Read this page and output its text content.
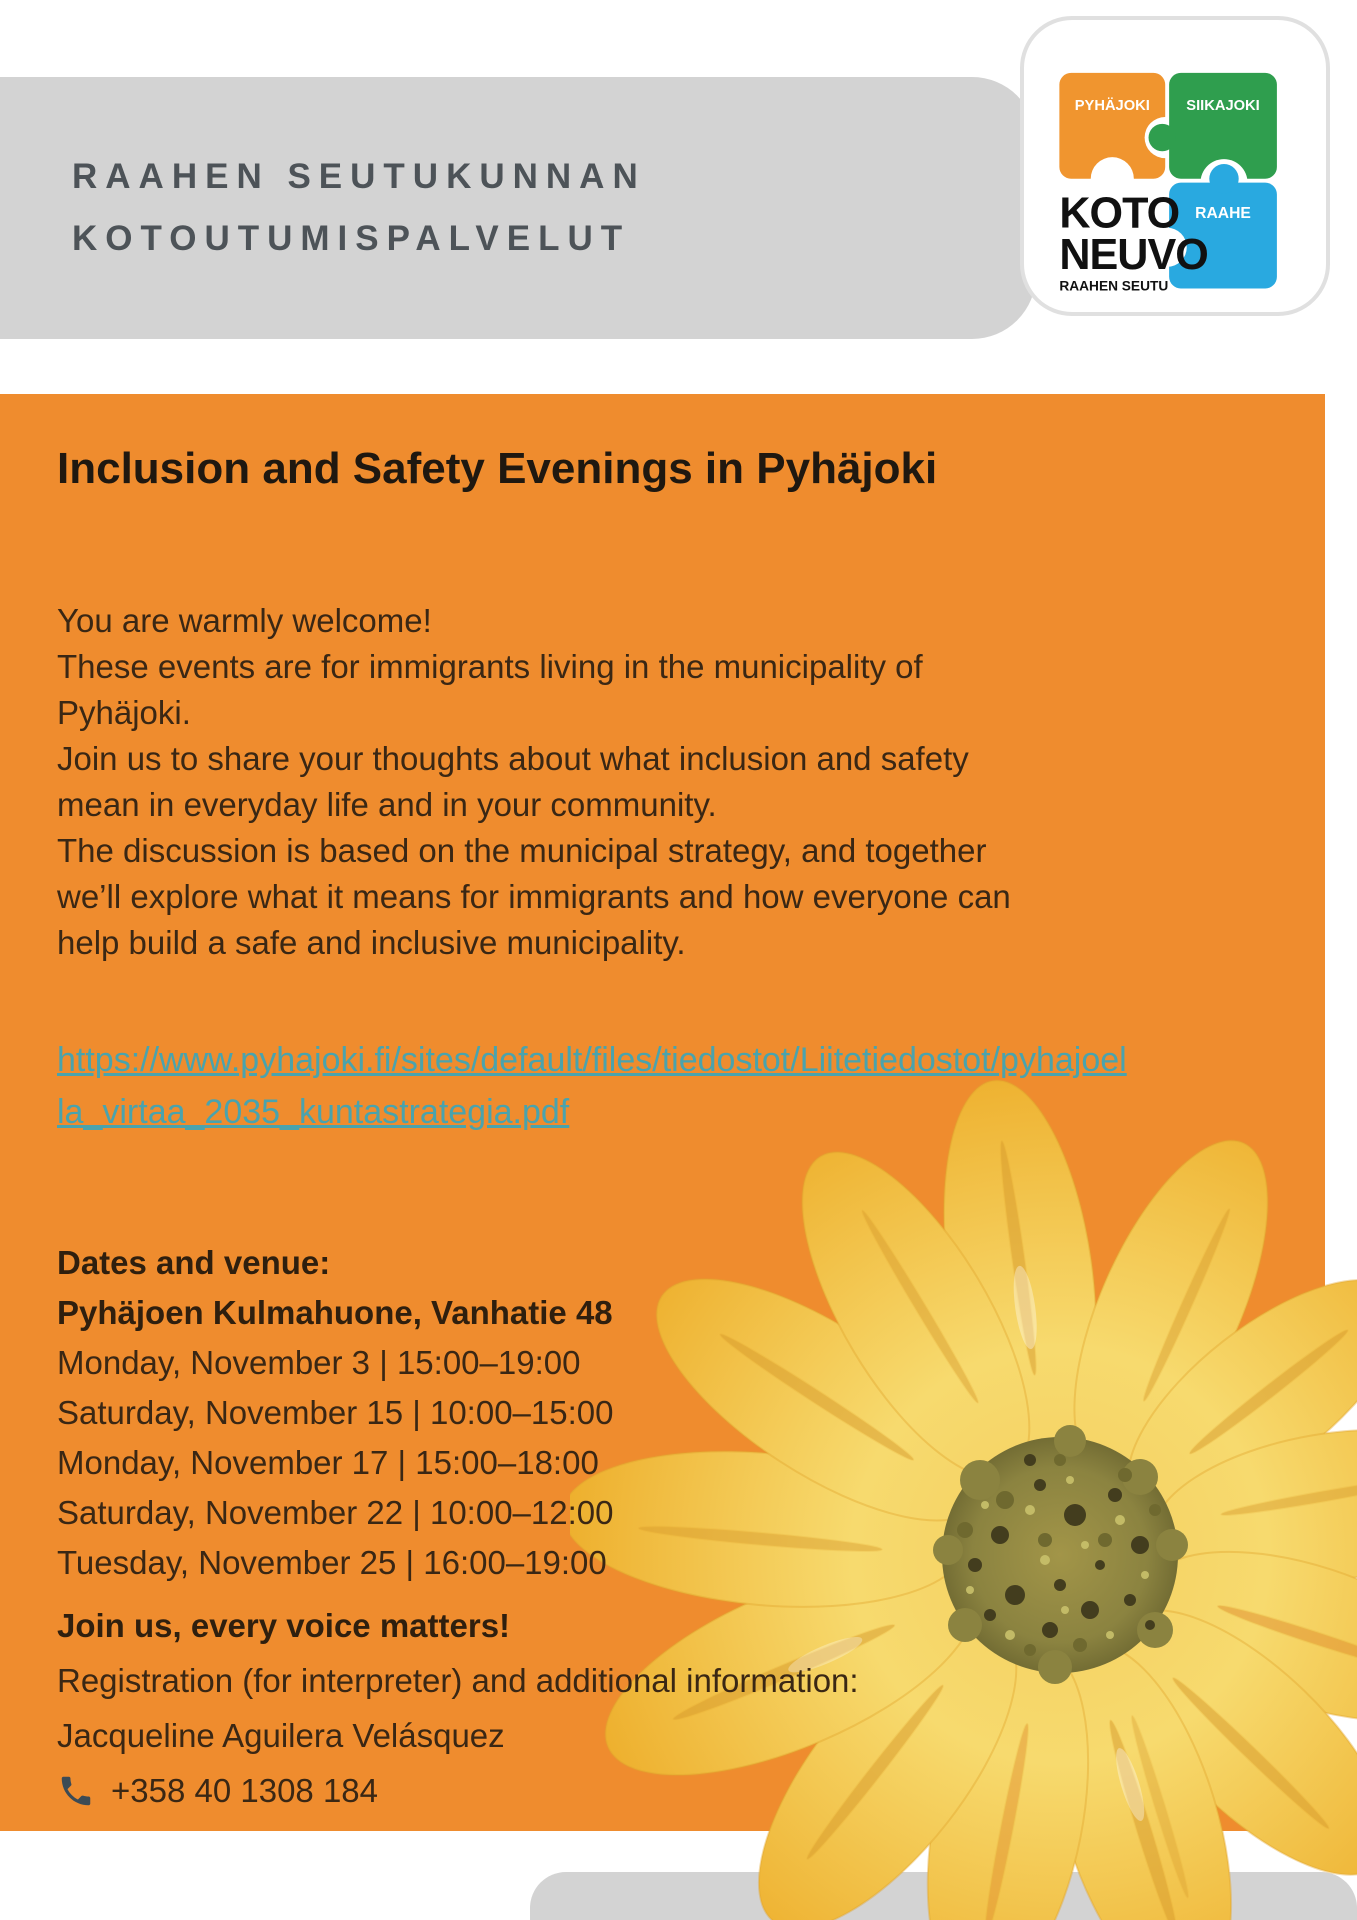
RAAHEN SEUTUKUNNAN
KOTOUTUMISPALVELUT
PYHÄJOKI SIIKAJOKI
RAAHE
KOTO
NEUVO
RAAHEN SEUTU
Inclusion and Safety Evenings in Pyhäjoki

You are warmly welcome!

These events are for immigrants living in the municipality of Pyhäjoki.

Join us to share your thoughts about what inclusion and safety mean in everyday life and in your community.

The discussion is based on the municipal strategy, and together we’ll explore what it means for immigrants and how everyone can help build a safe and inclusive municipality.

https://www.pyhajoki.fi/sites/default/files/tiedostot/Liitetiedostot/pyhajoella_virtaa_2035_kuntastrategia.pdf
Dates and venue:
Pyhäjoen Kulmahuone, Vanhatie 48
Monday, November 3 | 15:00–19:00
Saturday, November 15 | 10:00–15:00
Monday, November 17 | 15:00–18:00
Saturday, November 22 | 10:00–12:00
Tuesday, November 25 | 16:00–19:00
Join us, every voice matters!
Registration (for interpreter) and additional information:
Jacqueline Aguilera Velásquez
+358 40 1308 184
